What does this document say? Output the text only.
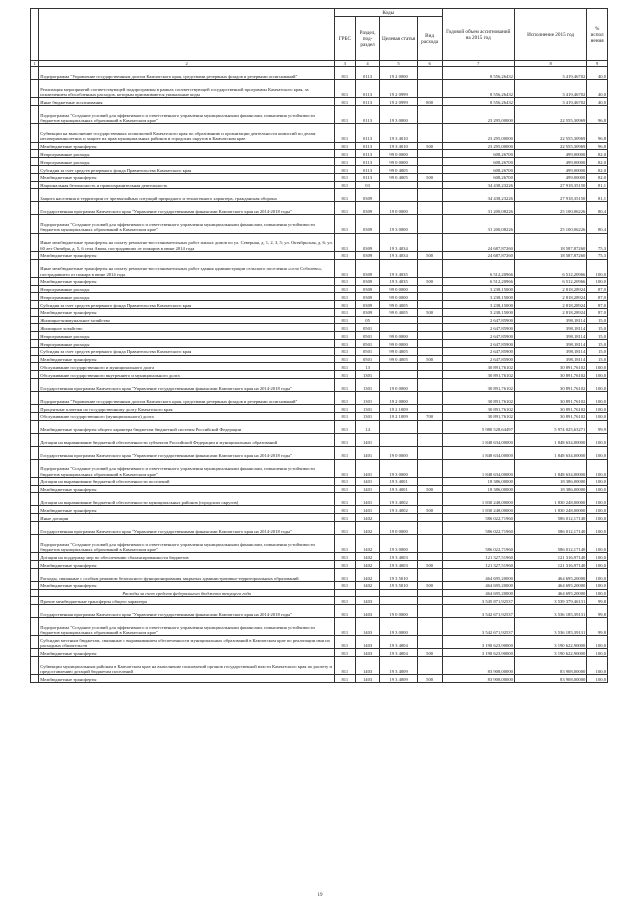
		Коды				Годовой объем ассигнований на 2015 год	Исполнение 2015 год	% испол нения
		ГРБС	Раздел, под-раздел	Целевая статья	Вид расхода			
1	2	3	4	5	6	7	8	9
	Подпрограмма "Управление государственным долгом Камчатского края, средствами резервных фондов и резервами ассигнований"	811	0113	19 2 0000		8 556,26432	3 419,46702	40,0
	Реализация мероприятий соответствующей подпрограммы в рамках соответствующей государственной программы Камчатского края, за исключением обособленных расходов, которым присваиваются уникальные коды	811	0113	19 2 0999		8 556,26432	3 419,46702	40,0
	Иные бюджетные ассигнования	811	0113	19 2 0999	800	8 556,26432	3 419,46702	40,0
	Подпрограмма "Создание условий для эффективного и ответственного управления муниципальными финансами, повышения устойчивости бюджетов муниципальных образований в Камчатском крае"	811	0113	19 3 0000		23 295,00000	22 555,30969	96,8
	Субвенции на выполнение государственных полномочий Камчатского края по образованию и организации деятельности комиссий по делам несовершеннолетних и защите их прав муниципальных районов и городских округов в Камчатском крае	811	0113	19 3 4010		23 295,00000	22 555,30969	96,8
	Межбюджетные трансферты	811	0113	19 3 4010	500	23 295,00000	22 555,30969	96,8
	Непрограммные расходы	811	0113	99 0 0000		608,26700	499,00000	82,0
	Непрограммные расходы	811	0113	99 0 0000		608,26700	499,00000	82,0
	Субсидия за счет средств резервного фонда Правительства Камчатского края	811	0113	99 0 4005		608,26700	499,00000	82,0
	Межбюджетные трансферты	811	0113	99 0 4005	500	608,26700	499,00000	82,0
	Национальная безопасность и правоохранительная деятельность	811	03			34 438,23226	27 918,35150	81,1
	Защита населения и территории от чрезвычайных ситуаций природного и техногенного характера, гражданская оборона	811	0309			34 438,23226	27 918,35150	81,1
	Государственная программа Камчатского края "Управление государственными финансами Камчатского края на 2014-2018 годы"	811	0309	19 0 0000		31 200,08226	25 100,06226	80,4
	Подпрограмма "Создание условий для эффективного и ответственного управления муниципальными финансами, повышения устойчивости бюджетов муниципальных образований в Камчатском крае"	811	0309	19 3 0000		31 200,08226	25 100,06226	80,4
	Иные межбюджетные трансферты на оплату ремонтно-восстановительных работ жилых домов по ул. Северная, д. 1, 2, 3, 5; ул. Октябрьская, д. 6; ул. 60 лет Октября, д. 5, 6 села Авача, пострадавших от пожаров в июне 2014 года	811	0309	19 3 4034		24 687,87260	18 587,87260	75,3
	Межбюджетные трансферты	811	0309	19 3 4034	500	24 687,87260	18 587,87260	75,3
	Иные межбюджетные трансферты на оплату ремонтно-восстановительных работ здания администрации сельского поселения «село Соболево», пострадавшего от пожара в июне 2014 года	811	0309	19 3 4035		6 512,20966	6 512,20966	100,0
	Межбюджетные трансферты	811	0309	19 3 4035	500	6 512,20966	6 512,20966	100,0
	Непрограммные расходы	811	0309	99 0 0000		3 238,15000	2 818,28924	87,0
	Непрограммные расходы	811	0309	99 0 0000		3 238,15000	2 818,28924	87,0
	Субсидия за счет средств резервного фонда Правительства Камчатского края	811	0309	99 0 4005		3 238,15000	2 818,28924	87,0
	Межбюджетные трансферты	811	0309	99 0 4005	500	3 238,15000	2 818,28924	87,0
	Жилищно-коммунальное хозяйство	811	05			2 647,85900	398,18114	15,0
	Жилищное хозяйство	811	0501			2 647,85900	398,18114	15,0
	Непрограммные расходы	811	0501	99 0 0000		2 647,85900	398,18114	15,0
	Непрограммные расходы	811	0501	99 0 0000		2 647,85900	398,18114	15,0
	Субсидия за счет средств резервного фонда Правительства Камчатского края	811	0501	99 0 4005		2 647,85900	398,18114	15,0
	Межбюджетные трансферты	811	0501	99 0 4005	500	2 647,85900	398,18114	15,0
	Обслуживание государственного и муниципального долга	811	13			30 891,76102	30 891,76102	100,0
	Обслуживание государственного внутреннего и муниципального долга	811	1301			30 891,76102	30 891,76102	100,0
	Государственная программа Камчатского края "Управление государственными финансами Камчатского края на 2014-2018 годы"	811	1301	19 0 0000		30 891,76102	30 891,76102	100,0
	Подпрограмма "Управление государственным долгом Камчатского края, средствами резервных фондов и резервами ассигнований"	811	1301	19 2 0000		30 891,76102	30 891,76102	100,0
	Процентные платежи по государственному долгу Камчатского края	811	1301	19 2 1009		30 891,76102	30 891,76102	100,0
	Обслуживание государственного (муниципального) долга	811	1301	19 2 1009	700	30 891,76102	30 891,76102	100,0
	Межбюджетные трансферты общего характера бюджетам бюджетной системы Российской Федерации	811	14			5 980 528,64497	5 974 025,63271	99,9
	Дотации на выравнивание бюджетной обеспеченности субъектов Российской Федерации и муниципальных образований	811	1401			1 848 634,00000	1 848 634,00000	100,0
	Государственная программа Камчатского края "Управление государственными финансами Камчатского края на 2014-2018 годы"	811	1401	19 0 0000		1 848 634,00000	1 848 634,00000	100,0
	Подпрограмма "Создание условий для эффективного и ответственного управления муниципальными финансами, повышения устойчивости бюджетов муниципальных образований в Камчатском крае"	811	1401	19 3 0000		1 848 634,00000	1 848 634,00000	100,0
	Дотации на выравнивание бюджетной обеспеченности поселений	811	1401	19 3 4001		18 386,00000	18 386,00000	100,0
	Межбюджетные трансферты	811	1401	19 3 4001	500	18 386,00000	18 386,00000	100,0
	Дотации на выравнивание бюджетной обеспеченности муниципальных районов (городских округов)	811	1401	19 3 4002		1 830 248,00000	1 830 248,00000	100,0
	Межбюджетные трансферты	811	1401	19 3 4002	500	1 830 248,00000	1 830 248,00000	100,0
	Иные дотации	811	1402			586 022,71960	586 012,17140	100,0
	Государственная программа Камчатского края "Управление государственными финансами Камчатского края на 2014-2018 годы"	811	1402	19 0 0000		586 022,71960	586 012,17140	100,0
	Подпрограмма "Создание условий для эффективного и ответственного управления муниципальными финансами, повышения устойчивости бюджетов муниципальных образований в Камчатском крае"	811	1402	19 3 0000		586 022,71960	586 012,17140	100,0
	Дотации на поддержку мер по обеспечению сбалансированности бюджетов	811	1402	19 3 4003		121 327,51960	121 316,97140	100,0
	Межбюджетные трансферты	811	1402	19 3 4003	500	121 327,51960	121 316,97140	100,0
	Расходы, связанные с особым режимом безопасного функционирования закрытых административно-территориальных образований	811	1402	19 3 5010		464 695,20000	464 695,20000	100,0
	Межбюджетные трансферты	811	1402	19 3 5010	500	464 695,20000	464 695,20000	100,0
	Расходы за счет средств федерального бюджета текущего года					464 695,20000	464 695,20000	100,0
	Прочие межбюджетные трансферты общего характера	811	1403			3 545 871,92537	3 539 379,46131	99,8
	Государственная программа Камчатского края "Управление государственными финансами Камчатского края на 2014-2018 годы"	811	1403	19 0 0000		3 542 671,92537	3 536 185,39131	99,8
	Подпрограмма "Создание условий для эффективного и ответственного управления муниципальными финансами, повышения устойчивости бюджетов муниципальных образований в Камчатском крае"	811	1403	19 3 0000		3 542 671,92537	3 536 185,39131	99,8
	Субсидии местным бюджетам, связанные с выравниванием обеспеченности муниципальных образований в Камчатском крае по реализации ими их расходных обязательств	811	1403	19 3 4004		3 190 623,90000	3 190 622,90000	100,0
	Межбюджетные трансферты	811	1403	19 3 4004	500	3 190 623,90000	3 190 622,90000	100,0
	Субвенции муниципальным районам в Камчатском крае на выполнение полномочий органов государственной власти Камчатского края по расчету и предоставлению дотаций бюджетам поселений	811	1403	19 3 4009		83 908,00000	83 908,00000	100,0
	Межбюджетные трансферты	811	1403	19 3 4009	500	83 908,00000	83 908,00000	100,0
19
